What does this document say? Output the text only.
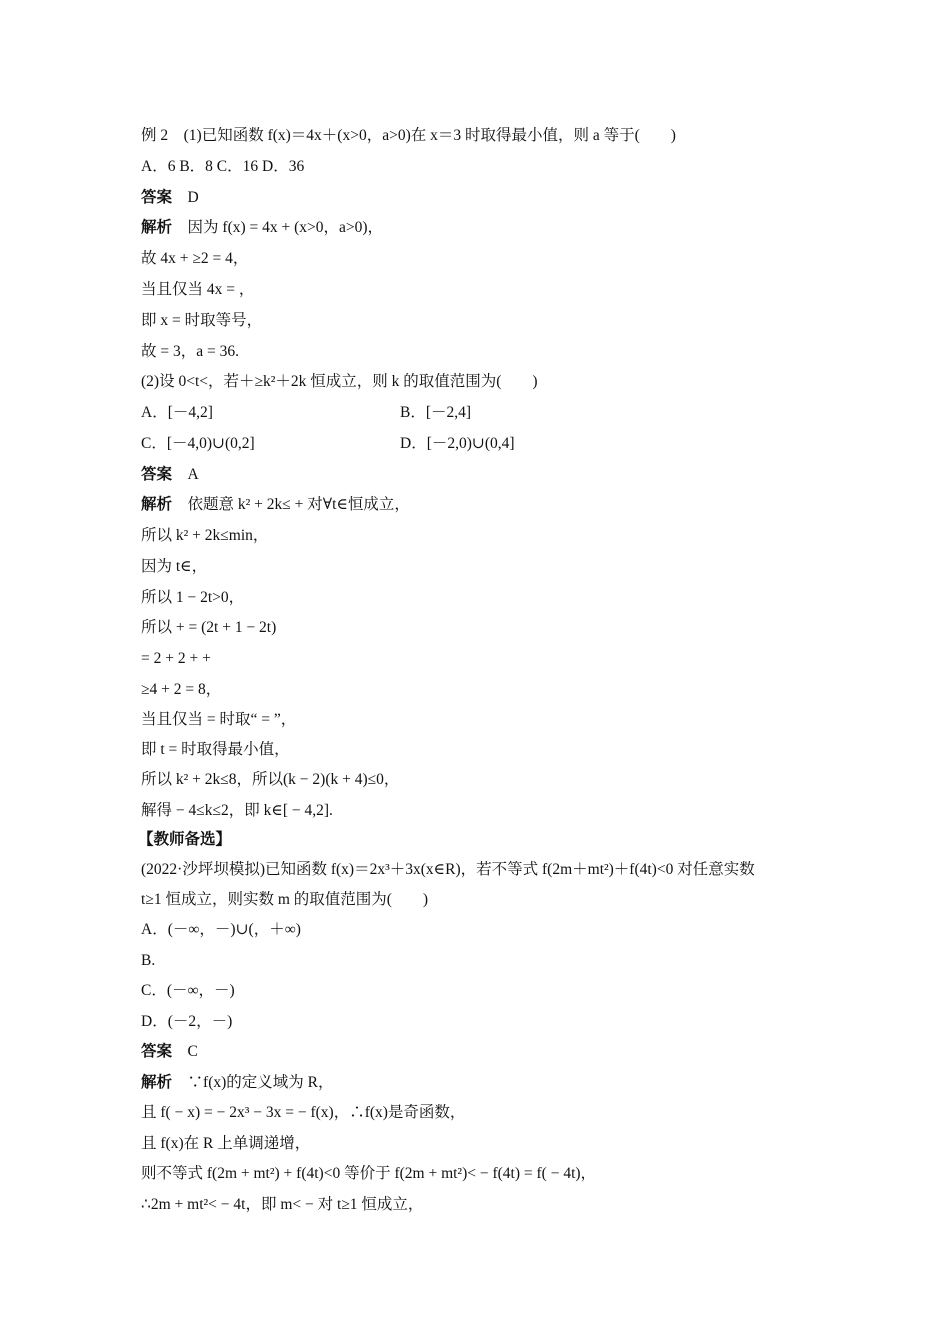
例 2　(1)已知函数 f(x)＝4x＋(x>0，a>0)在 x＝3 时取得最小值，则 a 等于(　　)
A．6 B．8 C．16 D．36
答案　 D
解析　 因为 f(x) = 4x + (x>0，a>0)，
故 4x + ≥2 = 4，
当且仅当 4x = ，
即 x = 时取等号，
故 = 3，a = 36.
(2)设 0<t<，若＋≥k²＋2k 恒成立，则 k 的取值范围为(　　)
A．[－4,2]	B．[－2,4]
C．[－4,0)∪(0,2]	D．[－2,0)∪(0,4]
答案　 A
解析　 依题意 k² + 2k≤ + 对∀t∈恒成立，
所以 k² + 2k≤min，
因为 t∈，
所以 1 − 2t>0，
所以 + = (2t + 1 − 2t)
= 2 + 2 + +
≥4 + 2 = 8，
当且仅当 = 时取“ = ”，
即 t = 时取得最小值，
所以 k² + 2k≤8，所以(k − 2)(k + 4)≤0，
解得 − 4≤k≤2，即 k∈[ − 4,2].
【教师备选】
(2022·沙坪坝模拟)已知函数 f(x)＝2x³＋3x(x∈R)，若不等式 f(2m＋mt²)＋f(4t)<0 对任意实数
t≥1 恒成立，则实数 m 的取值范围为(　　)
A．(－∞，－)∪(，＋∞)
B.
C．(－∞，－)
D．(－2，－)
答案　 C
解析　 ∵f(x)的定义域为 R，
且 f( − x) = − 2x³ − 3x = − f(x)，∴f(x)是奇函数，
且 f(x)在 R 上单调递增，
则不等式 f(2m + mt²) + f(4t)<0 等价于 f(2m + mt²)< − f(4t) = f( − 4t)，
∴2m + mt²< − 4t，即 m< − 对 t≥1 恒成立，
